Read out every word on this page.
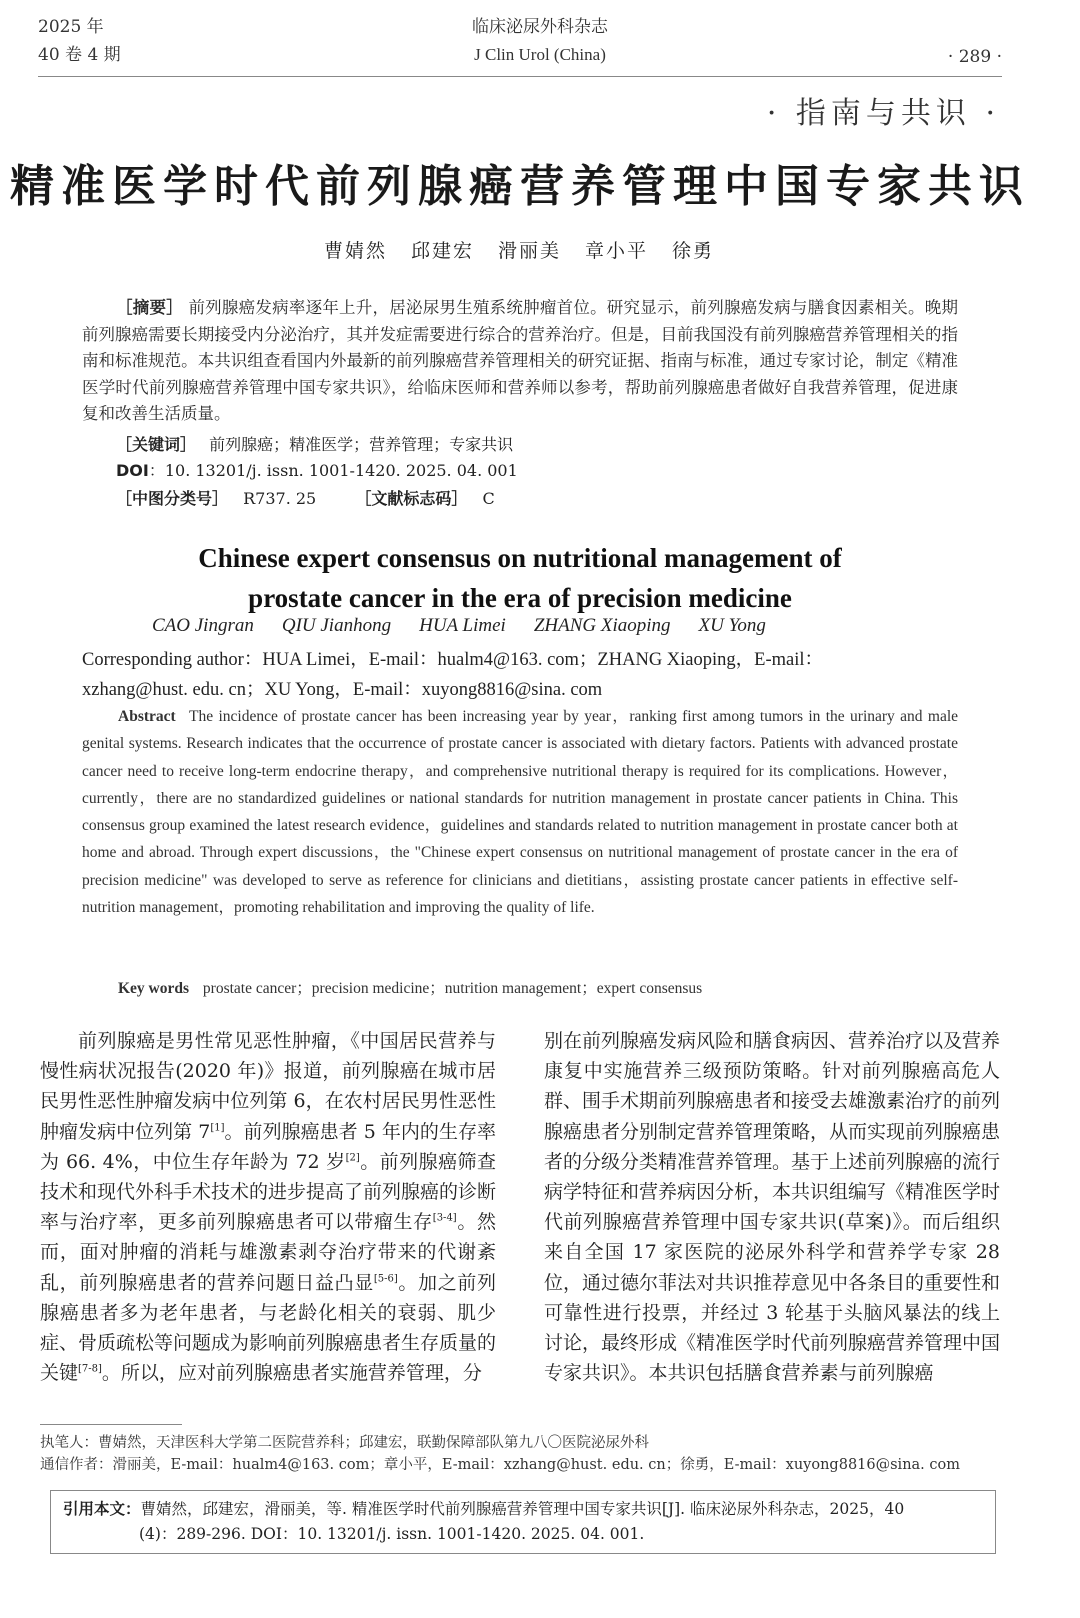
2025 年
40 卷 4 期
临床泌尿外科杂志
J Clin Urol (China)	· 289 ·
· 指南与共识 ·
精准医学时代前列腺癌营养管理中国专家共识
曹婧然 邱建宏 滑丽美 章小平 徐勇
［摘要］ 前列腺癌发病率逐年上升，居泌尿男生殖系统肿瘤首位。研究显示，前列腺癌发病与膳食因素相关。晚期前列腺癌需要长期接受内分泌治疗，其并发症需要进行综合的营养治疗。但是，目前我国没有前列腺癌营养管理相关的指南和标准规范。本共识组查看国内外最新的前列腺癌营养管理相关的研究证据、指南与标准，通过专家讨论，制定《精准医学时代前列腺癌营养管理中国专家共识》，给临床医师和营养师以参考，帮助前列腺癌患者做好自我营养管理，促进康复和改善生活质量。
［关键词］ 前列腺癌；精准医学；营养管理；专家共识
DOI：10. 13201/j. issn. 1001-1420. 2025. 04. 001
［中图分类号］ R737. 25 ［文献标志码］ C
Chinese expert consensus on nutritional management of
prostate cancer in the era of precision medicine
CAO Jingran QIU Jianhong HUA Limei ZHANG Xiaoping XU Yong
Corresponding author：HUA Limei，E-mail：hualm4@163. com；ZHANG Xiaoping，E-mail：
xzhang@hust. edu. cn；XU Yong，E-mail：xuyong8816@sina. com
Abstract The incidence of prostate cancer has been increasing year by year，ranking first among tumors in the urinary and male genital systems. Research indicates that the occurrence of prostate cancer is associated with dietary factors. Patients with advanced prostate cancer need to receive long-term endocrine therapy，and comprehensive nutritional therapy is required for its complications. However，currently，there are no standardized guidelines or national standards for nutrition management in prostate cancer patients in China. This consensus group examined the latest research evidence，guidelines and standards related to nutrition management in prostate cancer both at home and abroad. Through expert discussions，the "Chinese expert consensus on nutritional management of prostate cancer in the era of precision medicine" was developed to serve as reference for clinicians and dietitians，assisting prostate cancer patients in effective self-nutrition management，promoting rehabilitation and improving the quality of life.
Key words prostate cancer；precision medicine；nutrition management；expert consensus

前列腺癌是男性常见恶性肿瘤，《中国居民营养与慢性病状况报告(2020 年)》报道，前列腺癌在城市居民男性恶性肿瘤发病中位列第 6，在农村居民男性恶性肿瘤发病中位列第 7[1]。前列腺癌患者 5 年内的生存率为 66. 4%，中位生存年龄为 72 岁[2]。前列腺癌筛查技术和现代外科手术技术的进步提高了前列腺癌的诊断率与治疗率，更多前列腺癌患者可以带瘤生存[3-4]。然而，面对肿瘤的消耗与雄激素剥夺治疗带来的代谢紊乱，前列腺癌患者的营养问题日益凸显[5-6]。加之前列腺癌患者多为老年患者，与老龄化相关的衰弱、肌少症、骨质疏松等问题成为影响前列腺癌患者生存质量的关键[7-8]。所以，应对前列腺癌患者实施营养管理，分

别在前列腺癌发病风险和膳食病因、营养治疗以及营养康复中实施营养三级预防策略。针对前列腺癌高危人群、围手术期前列腺癌患者和接受去雄激素治疗的前列腺癌患者分别制定营养管理策略，从而实现前列腺癌患者的分级分类精准营养管理。基于上述前列腺癌的流行病学特征和营养病因分析，本共识组编写《精准医学时代前列腺癌营养管理中国专家共识(草案)》。而后组织来自全国 17 家医院的泌尿外科学和营养学专家 28 位，通过德尔菲法对共识推荐意见中各条目的重要性和可靠性进行投票，并经过 3 轮基于头脑风暴法的线上讨论，最终形成《精准医学时代前列腺癌营养管理中国专家共识》。本共识包括膳食营养素与前列腺癌

执笔人：曹婧然，天津医科大学第二医院营养科；邱建宏，联勤保障部队第九八〇医院泌尿外科
通信作者：滑丽美，E-mail：hualm4@163. com；章小平，E-mail：xzhang@hust. edu. cn；徐勇，E-mail：xuyong8816@sina. com
引用本文：曹婧然，邱建宏，滑丽美，等. 精准医学时代前列腺癌营养管理中国专家共识[J]. 临床泌尿外科杂志，2025，40
(4)：289-296. DOI：10. 13201/j. issn. 1001-1420. 2025. 04. 001.
